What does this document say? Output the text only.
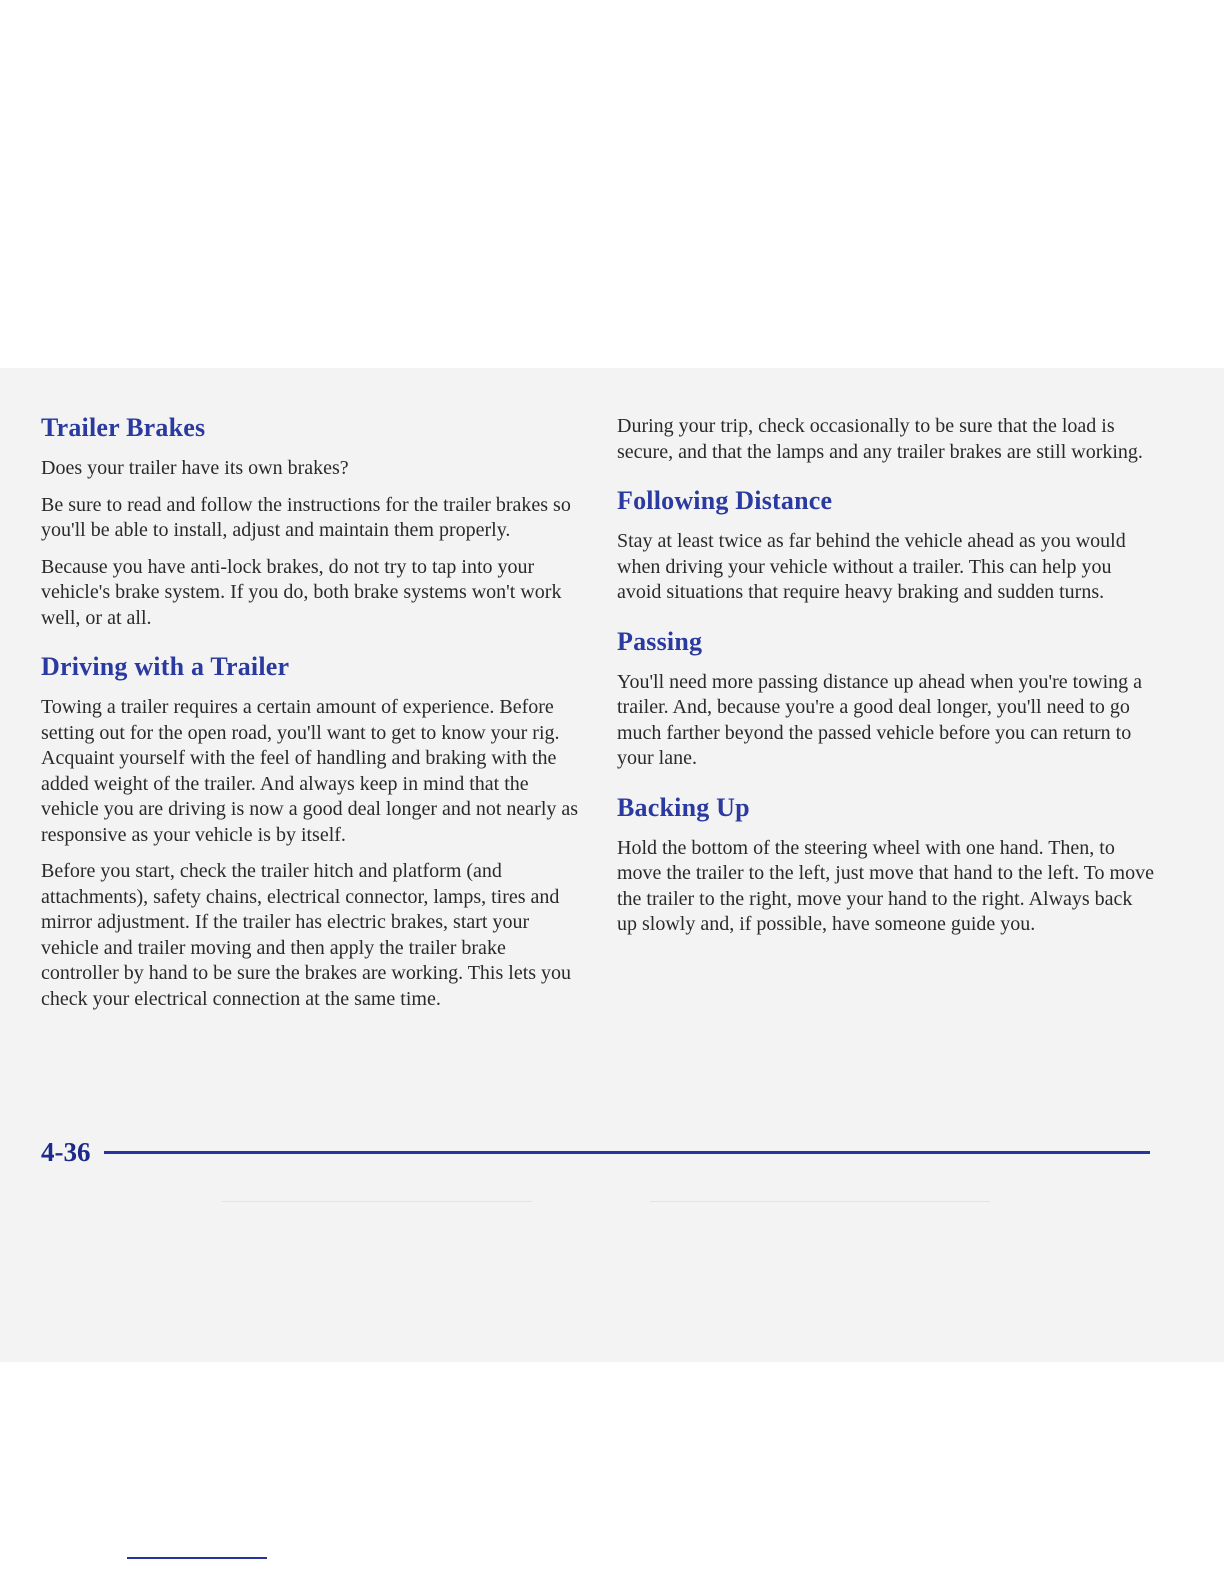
Trailer Brakes

Does your trailer have its own brakes?

Be sure to read and follow the instructions for the trailer brakes so you'll be able to install, adjust and maintain them properly.

Because you have anti-lock brakes, do not try to tap into your vehicle's brake system. If you do, both brake systems won't work well, or at all.

Driving with a Trailer

Towing a trailer requires a certain amount of experience. Before setting out for the open road, you'll want to get to know your rig. Acquaint yourself with the feel of handling and braking with the added weight of the trailer. And always keep in mind that the vehicle you are driving is now a good deal longer and not nearly as responsive as your vehicle is by itself.

Before you start, check the trailer hitch and platform (and attachments), safety chains, electrical connector, lamps, tires and mirror adjustment. If the trailer has electric brakes, start your vehicle and trailer moving and then apply the trailer brake controller by hand to be sure the brakes are working. This lets you check your electrical connection at the same time.

During your trip, check occasionally to be sure that the load is secure, and that the lamps and any trailer brakes are still working.

Following Distance

Stay at least twice as far behind the vehicle ahead as you would when driving your vehicle without a trailer. This can help you avoid situations that require heavy braking and sudden turns.

Passing

You'll need more passing distance up ahead when you're towing a trailer. And, because you're a good deal longer, you'll need to go much farther beyond the passed vehicle before you can return to your lane.

Backing Up

Hold the bottom of the steering wheel with one hand. Then, to move the trailer to the left, just move that hand to the left. To move the trailer to the right, move your hand to the right. Always back up slowly and, if possible, have someone guide you.

4-36
